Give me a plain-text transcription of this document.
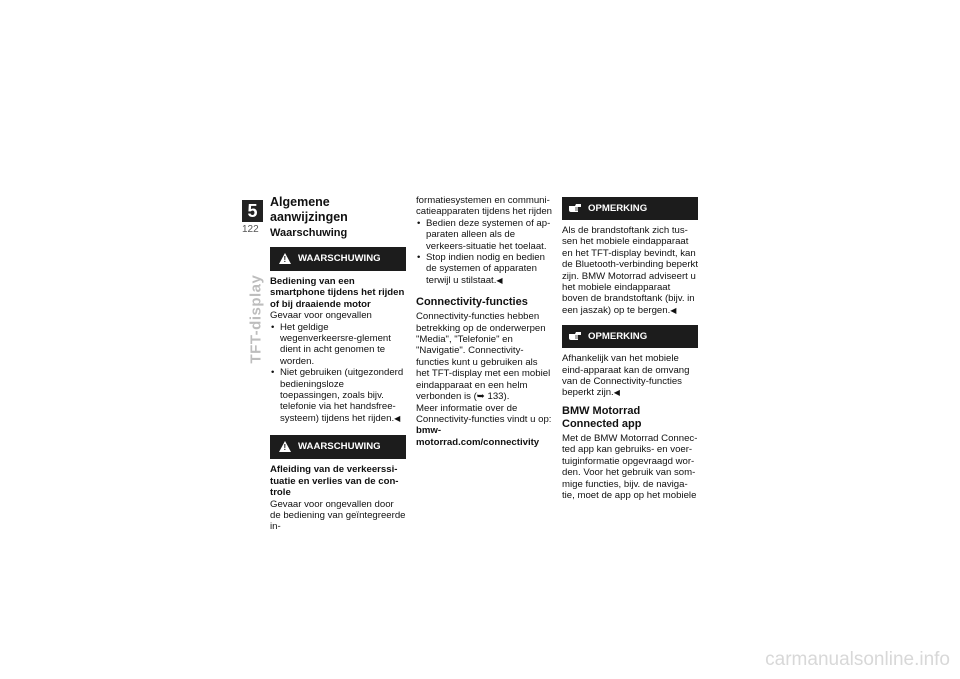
5
122
TFT-display
Algemene aanwijzingen
Waarschuwing
!
WAARSCHUWING

Bediening van een smartphone tijdens het rijden of bij draaiende motor

Gevaar voor ongevallen

• Het geldige wegenverkeersre-glement dient in acht genomen te worden.
• Niet gebruiken (uitgezonderd bedieningsloze toepassingen, zoals bijv. telefonie via het handsfree-systeem) tijdens het rijden.◀
!
WAARSCHUWING

Afleiding van de verkeerssi-tuatie en verlies van de con-trole

Gevaar voor ongevallen door de bediening van geïntegreerde in-

formatiesystemen en communi-catieapparaten tijdens het rijden

• Bedien deze systemen of ap-paraten alleen als de verkeers-situatie het toelaat.
• Stop indien nodig en bedien de systemen of apparaten terwijl u stilstaat.◀
Connectivity-functies

Connectivity-functies hebben betrekking op de onderwerpen "Media", "Telefonie" en "Navigatie". Connectivity-functies kunt u gebruiken als het TFT-display met een mobiel eindapparaat en een helm verbonden is (➥ 133).

Meer informatie over de Connectivity-functies vindt u op: bmw-motorrad.com/connectivity

OPMERKING

Als de brandstoftank zich tus-sen het mobiele eindapparaat en het TFT-display bevindt, kan de Bluetooth-verbinding beperkt zijn. BMW Motorrad adviseert u het mobiele eindapparaat boven de brandstoftank (bijv. in een jaszak) op te bergen.◀

OPMERKING

Afhankelijk van het mobiele eind-apparaat kan de omvang van de Connectivity-functies beperkt zijn.◀

BMW Motorrad
Connected app

Met de BMW Motorrad Connec-ted app kan gebruiks- en voer-tuiginformatie opgevraagd wor-den. Voor het gebruik van som-mige functies, bijv. de naviga-tie, moet de app op het mobiele

carmanualsonline.info
